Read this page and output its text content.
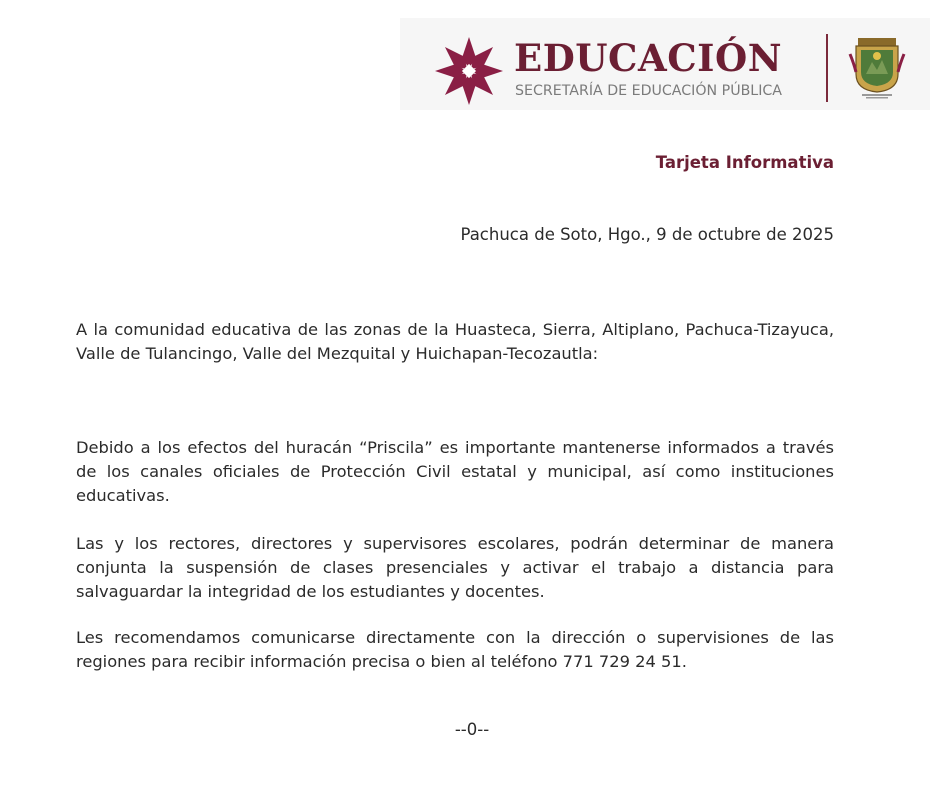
EDUCACIÓN
SECRETARÍA DE EDUCACIÓN PÚBLICA
Tarjeta Informativa
Pachuca de Soto, Hgo., 9 de octubre de 2025

A la comunidad educativa de las zonas de la Huasteca, Sierra, Altiplano, Pachuca-Tizayuca, Valle de Tulancingo, Valle del Mezquital y Huichapan-Tecozautla:

Debido a los efectos del huracán “Priscila” es importante mantenerse informados a través de los canales oficiales de Protección Civil estatal y municipal, así como instituciones educativas.

Las y los rectores, directores y supervisores escolares, podrán determinar de manera conjunta la suspensión de clases presenciales y activar el trabajo a distancia para salvaguardar la integridad de los estudiantes y docentes.

Les recomendamos comunicarse directamente con la dirección o supervisiones de las regiones para recibir información precisa o bien al teléfono 771 729 24 51.

--0--
